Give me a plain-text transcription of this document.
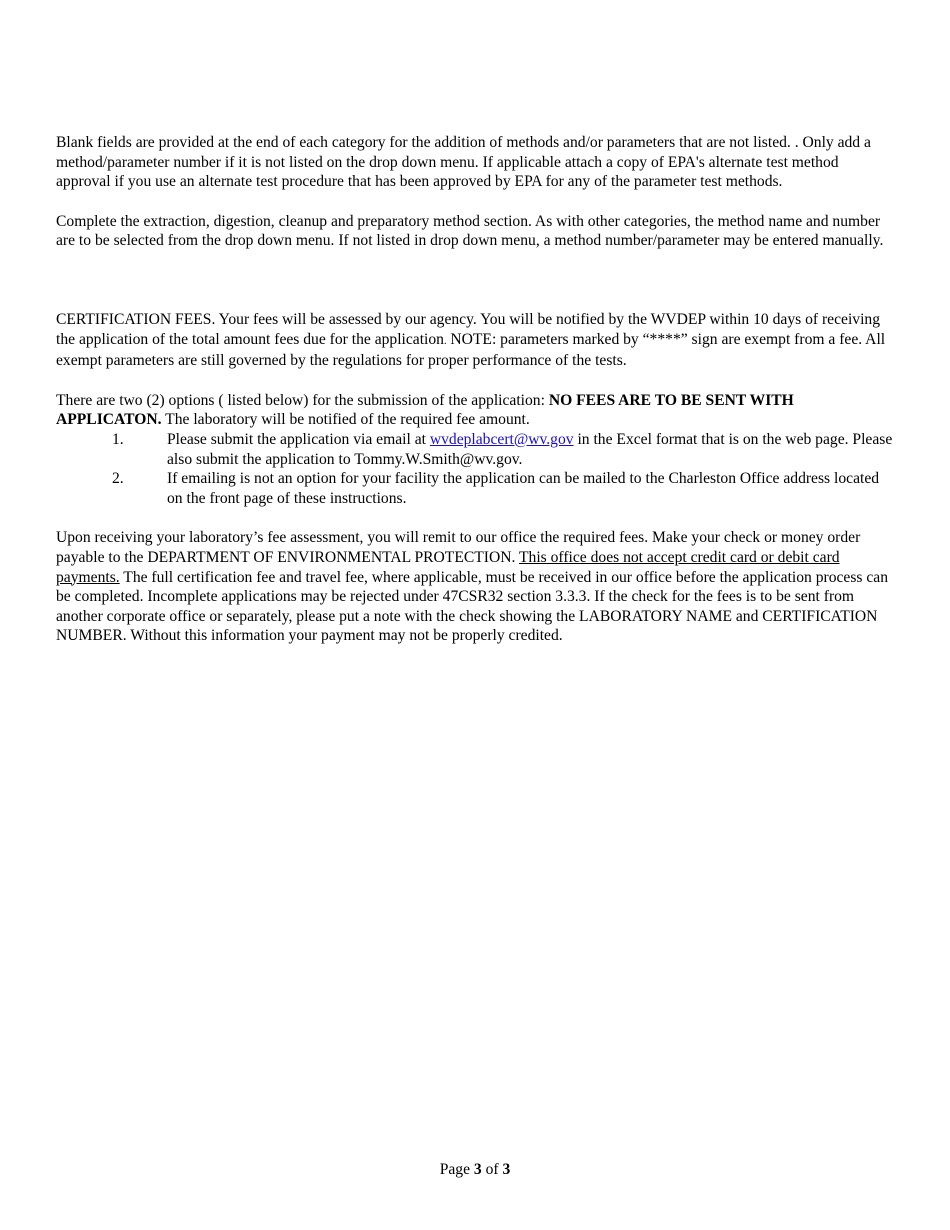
Blank fields are provided at the end of each category for the addition of methods and/or parameters that are not listed. . Only add a method/parameter number if it is not listed on the drop down menu. If applicable attach a copy of EPA's alternate test method approval if you use an alternate test procedure that has been approved by EPA for any of the parameter test methods.

Complete the extraction, digestion, cleanup and preparatory method section. As with other categories, the method name and number are to be selected from the drop down menu. If not listed in drop down menu, a method number/parameter may be entered manually.

CERTIFICATION FEES. Your fees will be assessed by our agency. You will be notified by the WVDEP within 10 days of receiving the application of the total amount fees due for the application. NOTE: parameters marked by “****” sign are exempt from a fee. All exempt parameters are still governed by the regulations for proper performance of the tests.

There are two (2) options ( listed below) for the submission of the application: NO FEES ARE TO BE SENT WITH APPLICATON. The laboratory will be notified of the required fee amount.

1.	Please submit the application via email at wvdeplabcert@wv.gov in the Excel format that is on the web page. Please also submit the application to Tommy.W.Smith@wv.gov.
2.	If emailing is not an option for your facility the application can be mailed to the Charleston Office address located on the front page of these instructions.

Upon receiving your laboratory’s fee assessment, you will remit to our office the required fees. Make your check or money order payable to the DEPARTMENT OF ENVIRONMENTAL PROTECTION. This office does not accept credit card or debit card payments. The full certification fee and travel fee, where applicable, must be received in our office before the application process can be completed. Incomplete applications may be rejected under 47CSR32 section 3.3.3. If the check for the fees is to be sent from another corporate office or separately, please put a note with the check showing the LABORATORY NAME and CERTIFICATION NUMBER. Without this information your payment may not be properly credited.

Page 3 of 3
